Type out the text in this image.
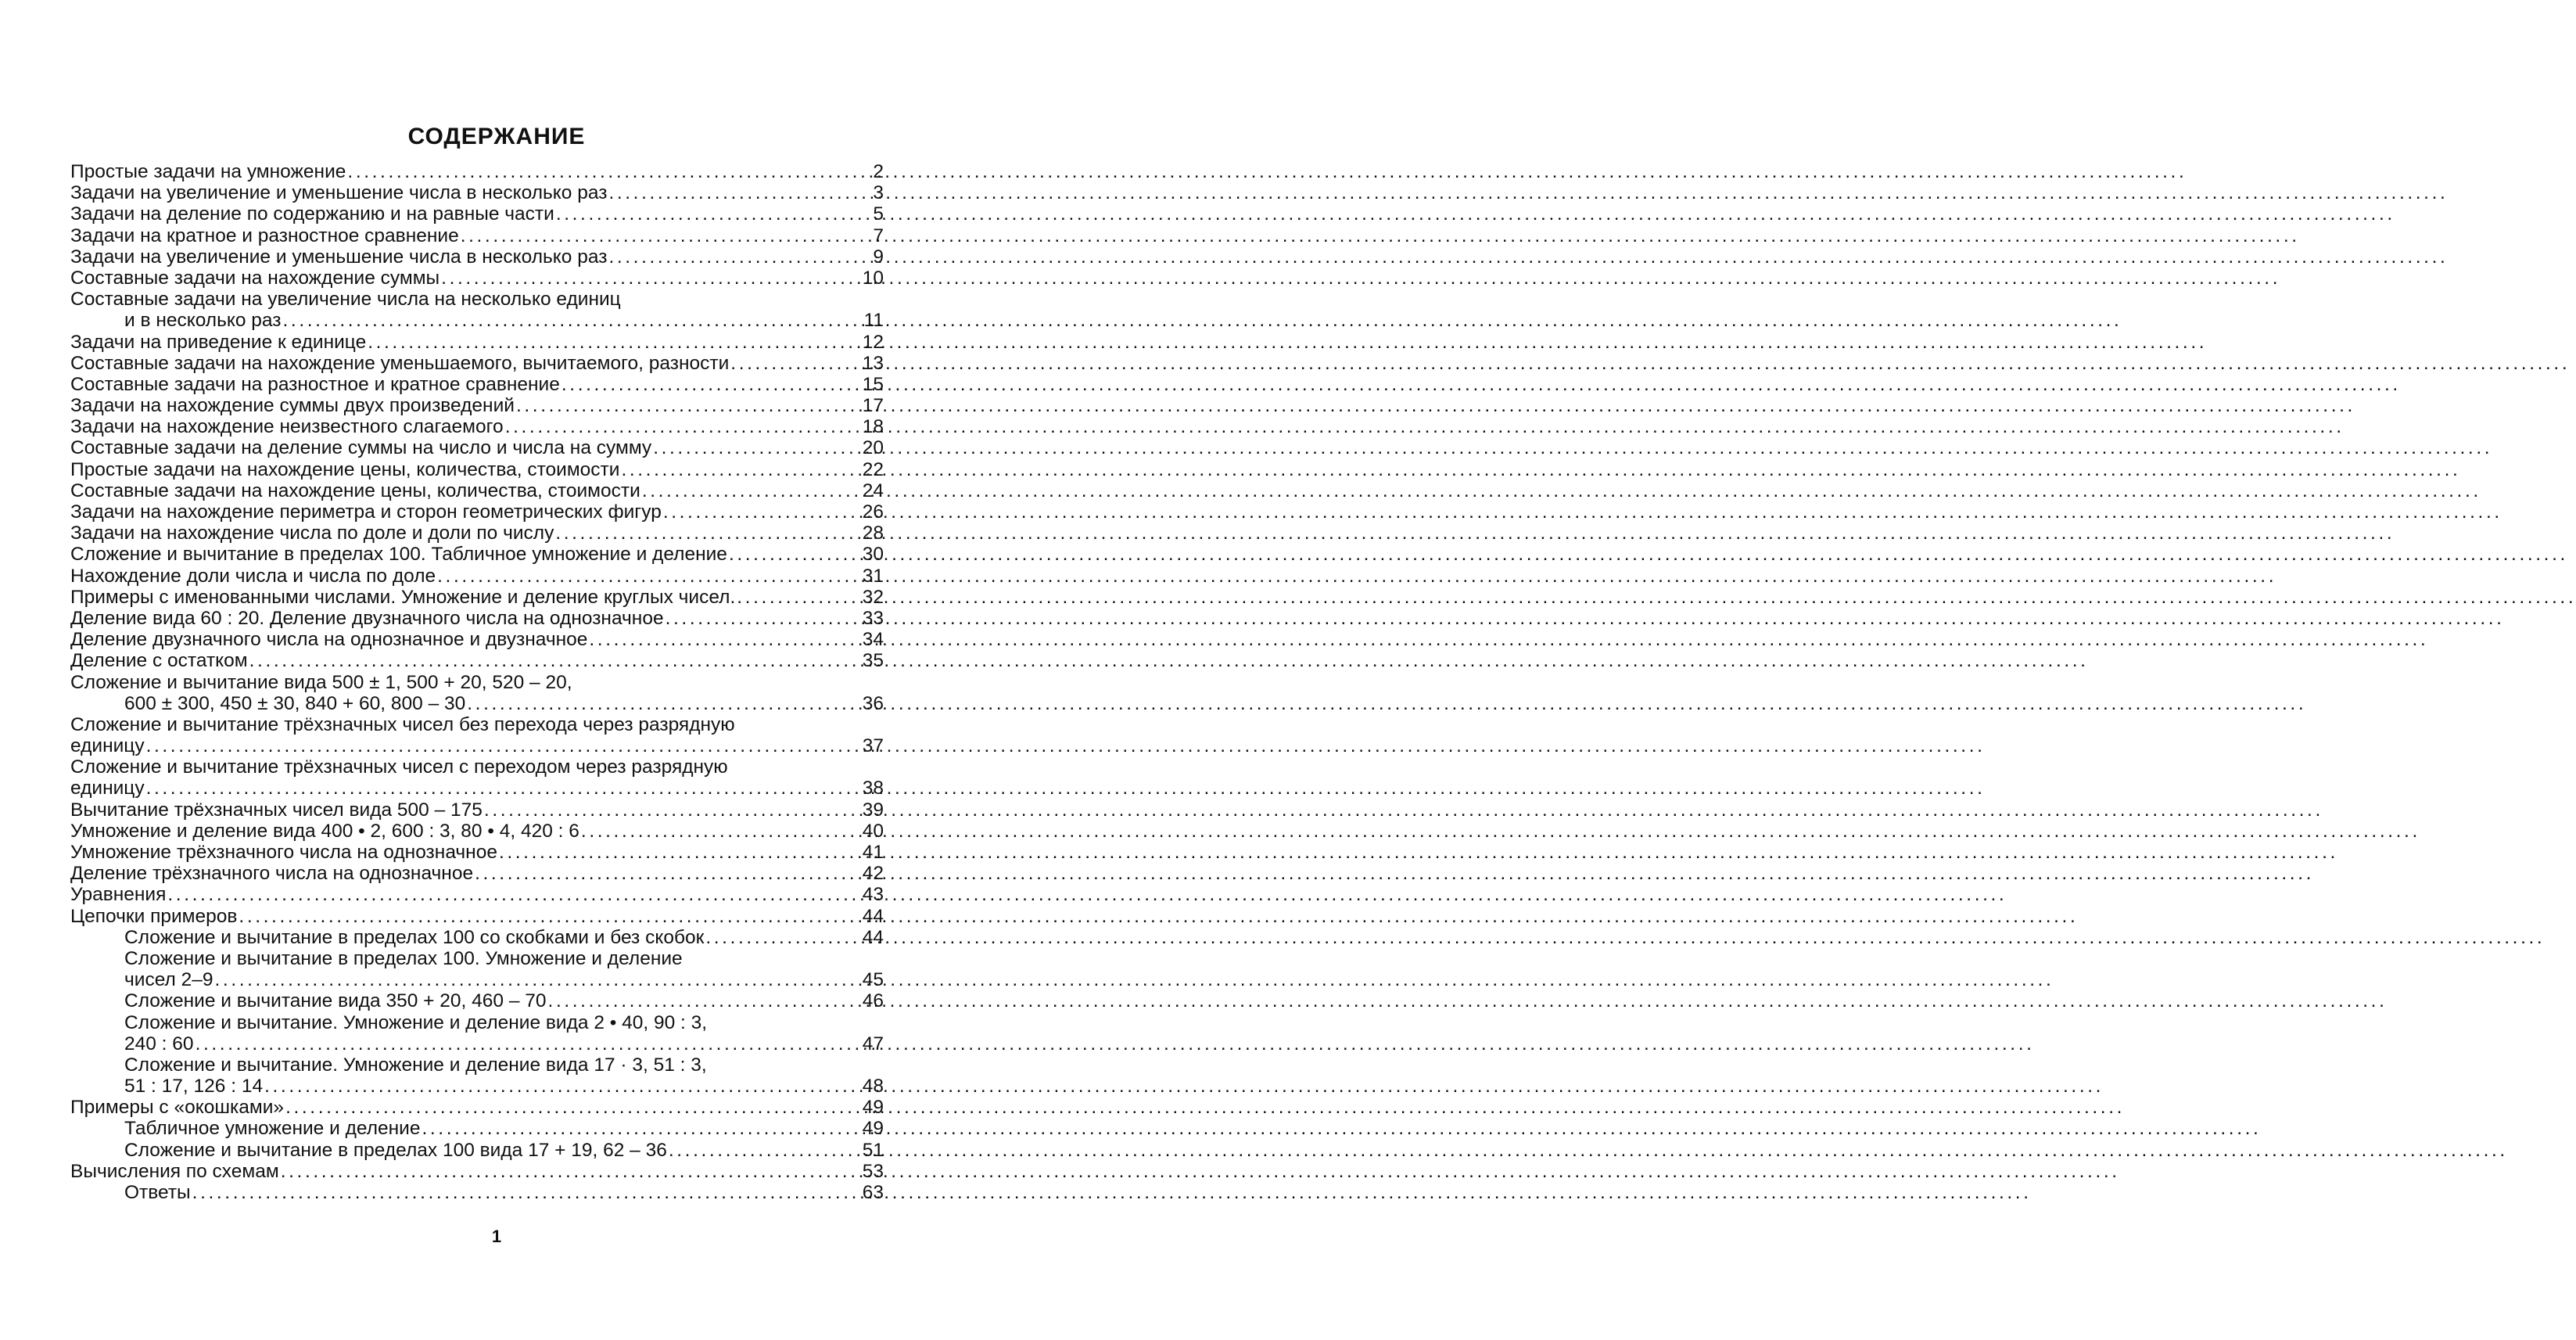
СОДЕРЖАНИЕ
Простые задачи на умножение .....	2
Задачи на увеличение и уменьшение числа в несколько раз .....	3
Задачи на деление по содержанию и на равные части .....	5
Задачи на кратное и разностное сравнение .....	7
Задачи на увеличение и уменьшение числа в несколько раз .....	9
Составные задачи на нахождение суммы .....	10
Составные задачи на увеличение числа на несколько единиц
и в несколько раз .....	11
Задачи на приведение к единице .....	12
Составные задачи на нахождение уменьшаемого, вычитаемого, разности .....	13
Составные задачи на разностное и кратное сравнение .....	15
Задачи на нахождение суммы двух произведений .....	17
Задачи на нахождение неизвестного слагаемого .....	18
Составные задачи на деление суммы на число и числа на сумму .....	20
Простые задачи на нахождение цены, количества, стоимости .....	22
Составные задачи на нахождение цены, количества, стоимости .....	24
Задачи на нахождение периметра и сторон геометрических фигур .....	26
Задачи на нахождение числа по доле и доли по числу .....	28
Сложение и вычитание в пределах 100. Табличное умножение и деление .....	30
Нахождение доли числа и числа по доле .....	31
Примеры с именованными числами. Умножение и деление круглых чисел. .....	32
Деление вида 60 : 20. Деление двузначного числа на однозначное .....	33
Деление двузначного числа на однозначное и двузначное .....	34
Деление с остатком .....	35
Сложение и вычитание вида 500 ± 1, 500 + 20, 520 – 20,
600 ± 300, 450 ± 30, 840 + 60, 800 – 30 .....	36
Сложение и вычитание трёхзначных чисел без перехода через разрядную
единицу .....	37
Сложение и вычитание трёхзначных чисел с переходом через разрядную
единицу .....	38
Вычитание трёхзначных чисел вида 500 – 175 .....	39
Умножение и деление вида 400 • 2, 600 : 3, 80 • 4, 420 : 6 .....	40
Умножение трёхзначного числа на однозначное .....	41
Деление трёхзначного числа на однозначное .....	42
Уравнения .....	43
Цепочки примеров .....	44
Сложение и вычитание в пределах 100 со скобками и без скобок .....	44
Сложение и вычитание в пределах 100. Умножение и деление
чисел 2–9 .....	45
Сложение и вычитание вида 350 + 20, 460 – 70 .....	46
Сложение и вычитание. Умножение и деление вида 2 • 40, 90 : 3,
240 : 60 .....	47
Сложение и вычитание. Умножение и деление вида 17 · 3, 51 : 3,
51 : 17, 126 : 14 .....	48
Примеры с «окошками» .....	49
Табличное умножение и деление .....	49
Сложение и вычитание в пределах 100 вида 17 + 19, 62 – 36 .....	51
Вычисления по схемам .....	53
Ответы .....	63
1
